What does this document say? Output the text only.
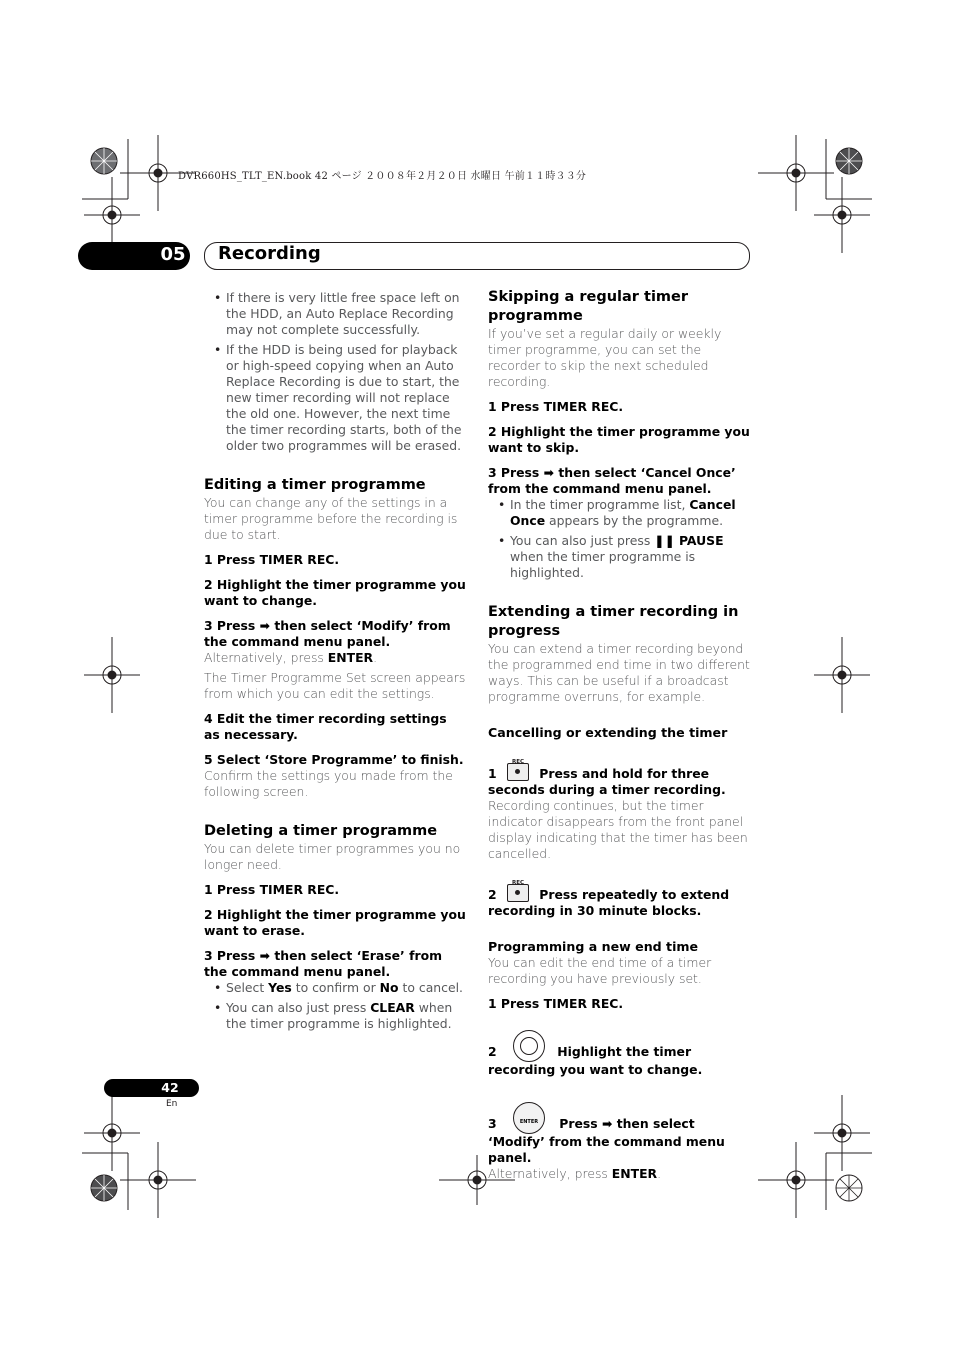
DVR660HS_TLT_EN.book 42 ページ ２００８年２月２０日 水曜日 午前１１時３３分
05 Recording
• If there is very little free space left on the HDD, an Auto Replace Recording may not complete successfully.
• If the HDD is being used for playback or high-speed copying when an Auto Replace Recording is due to start, the new timer recording will not replace the old one. However, the next time the timer recording starts, both of the older two programmes will be erased.

Editing a timer programme

You can change any of the settings in a timer programme before the recording is due to start.

1 Press TIMER REC.

2 Highlight the timer programme you want to change.

3 Press ➡ then select ‘Modify’ from the command menu panel.

Alternatively, press ENTER.

The Timer Programme Set screen appears from which you can edit the settings.

4 Edit the timer recording settings as necessary.

5 Select ‘Store Programme’ to finish.

Confirm the settings you made from the following screen.

Deleting a timer programme

You can delete timer programmes you no longer need.

1 Press TIMER REC.

2 Highlight the timer programme you want to erase.

3 Press ➡ then select ‘Erase’ from the command menu panel.

• Select Yes to confirm or No to cancel.
• You can also just press CLEAR when the timer programme is highlighted.

Skipping a regular timer programme

If you’ve set a regular daily or weekly timer programme, you can set the recorder to skip the next scheduled recording.

1 Press TIMER REC.

2 Highlight the timer programme you want to skip.

3 Press ➡ then select ‘Cancel Once’ from the command menu panel.

• In the timer programme list, Cancel Once appears by the programme.
• You can also just press ❚❚ PAUSE when the timer programme is highlighted.

Extending a timer recording in progress

You can extend a timer recording beyond the programmed end time in two different ways. This can be useful if a broadcast programme overruns, for example.

Cancelling or extending the timer

1
REC
Press and hold for three seconds during a timer recording.

Recording continues, but the timer indicator disappears from the front panel display indicating that the timer has been cancelled.

2
REC
Press repeatedly to extend recording in 30 minute blocks.

Programming a new end time

You can edit the end time of a timer recording you have previously set.

1 Press TIMER REC.

2	Highlight the timer recording you want to change.

3	ENTER Press ➡ then select ‘Modify’ from the command menu panel.

Alternatively, press ENTER.

42
En
